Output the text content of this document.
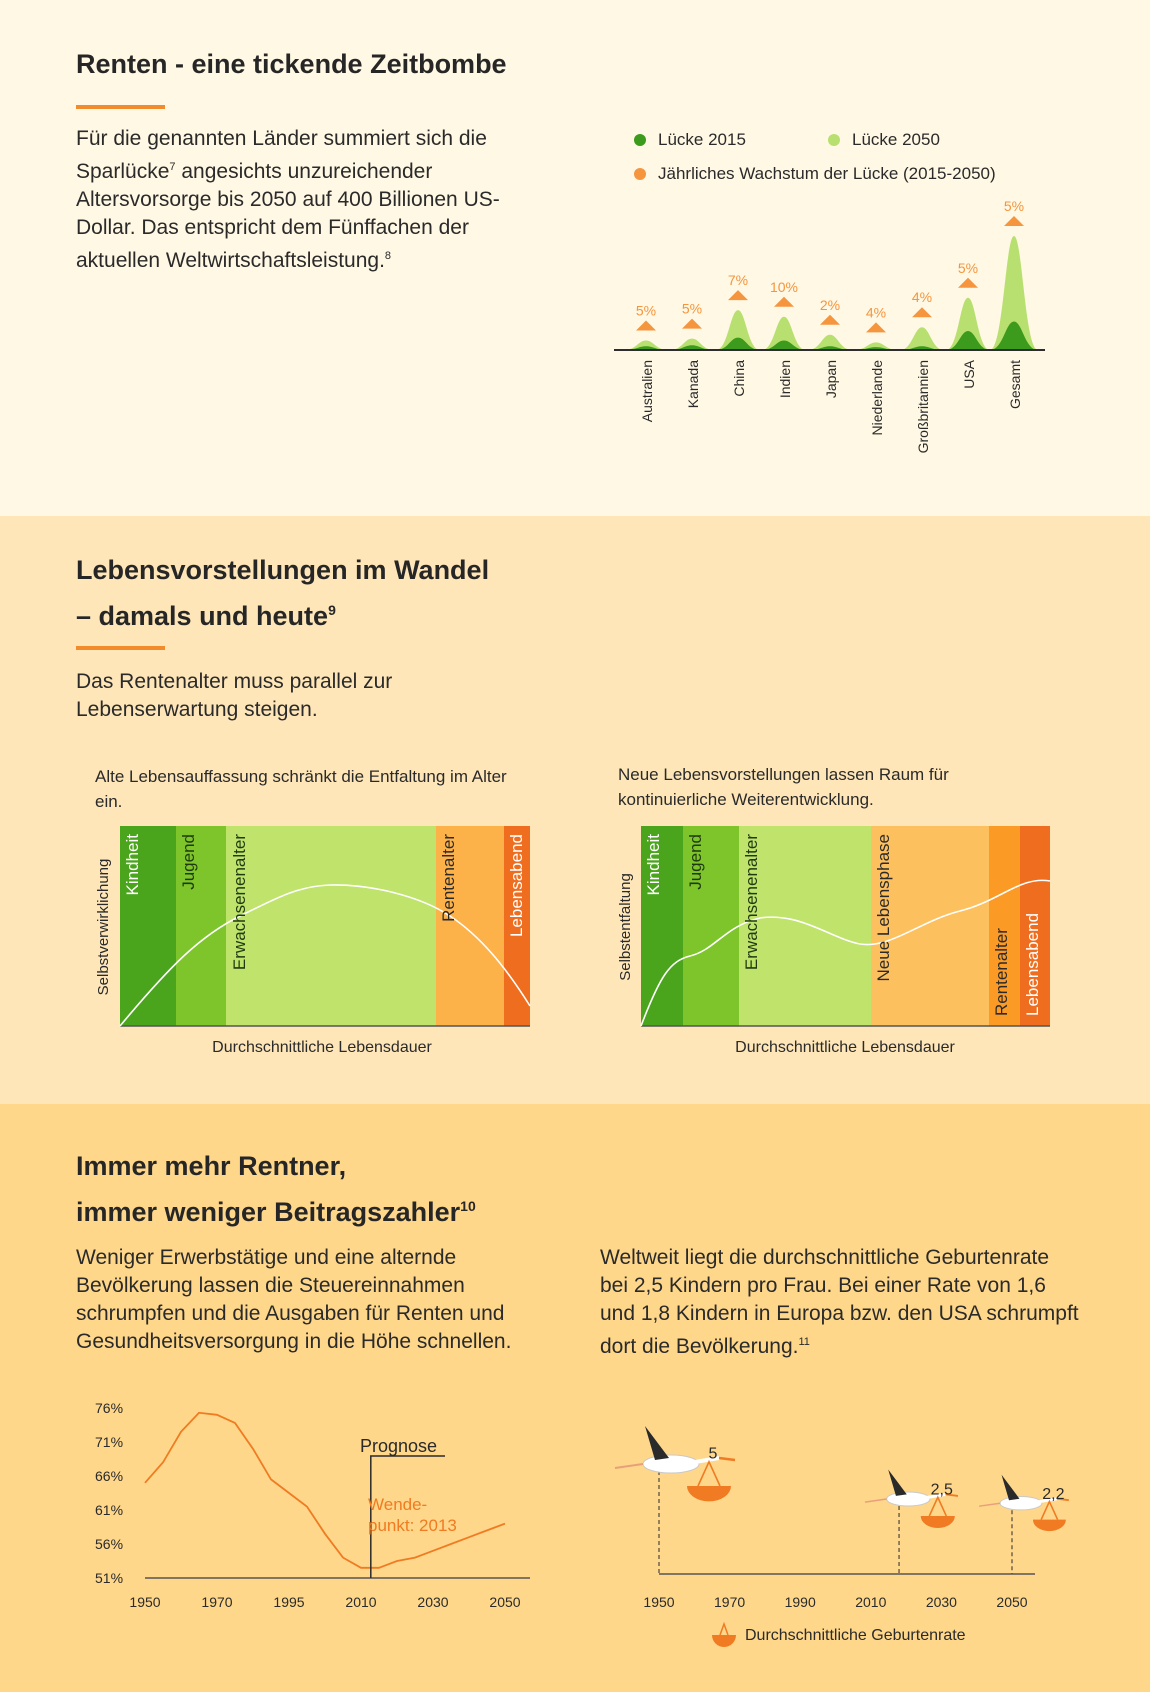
Renten - eine tickende Zeitbombe
Für die genannten Länder summiert sich die Sparlücke$^7$ angesichts unzureichender Altersvorsorge bis 2050 auf 400 Billionen US-Dollar. Das entspricht dem Fünffachen der aktuellen Weltwirtschaftsleistung.$^8$
Lücke 2015	Lücke 2050
Jährliches Wachstum der Lücke (2015-2050)
5%
Australien
5%
Kanada
7%
China
10%
Indien
2%
Japan
4%
Niederlande
4%
Großbritannien
5%
USA
5%
Gesamt
Lebensvorstellungen im Wandel
– damals und heute$^9$
Das Rentenalter muss parallel zur Lebenserwartung steigen.
Alte Lebensauffassung schränkt die Entfaltung im Alter ein.
Neue Lebensvorstellungen lassen Raum für kontinuierliche Weiterentwicklung.
Kindheit Jugend Erwachsenenalter	Rentenalter	Lebensabend
Selbstverwirklichung
Durchschnittliche Lebensdauer
Kindheit Jugend Erwachsenenalter	Neue Lebensphase	Rentenalter Lebensabend
Selbstentfaltung
Durchschnittliche Lebensdauer
Immer mehr Rentner,
immer weniger Beitragszahler$^{10}$
Weniger Erwerbstätige und eine alternde Bevölkerung lassen die Steuereinnahmen schrumpfen und die Ausgaben für Renten und Gesundheitsversorgung in die Höhe schnellen.
Weltweit liegt die durchschnittliche Geburtenrate bei 2,5 Kindern pro Frau. Bei einer Rate von 1,6 und 1,8 Kindern in Europa bzw. den USA schrumpft dort die Bevölkerung.$^{11}$
76%
71%
66%
61%
56%
51%
1950	1970	1995	2010	2030	2050
Prognose
Wende-
punkt: 2013
1950	1970	1990	2010	2030	2050
5
2,5	2,2
Durchschnittliche Geburtenrate
